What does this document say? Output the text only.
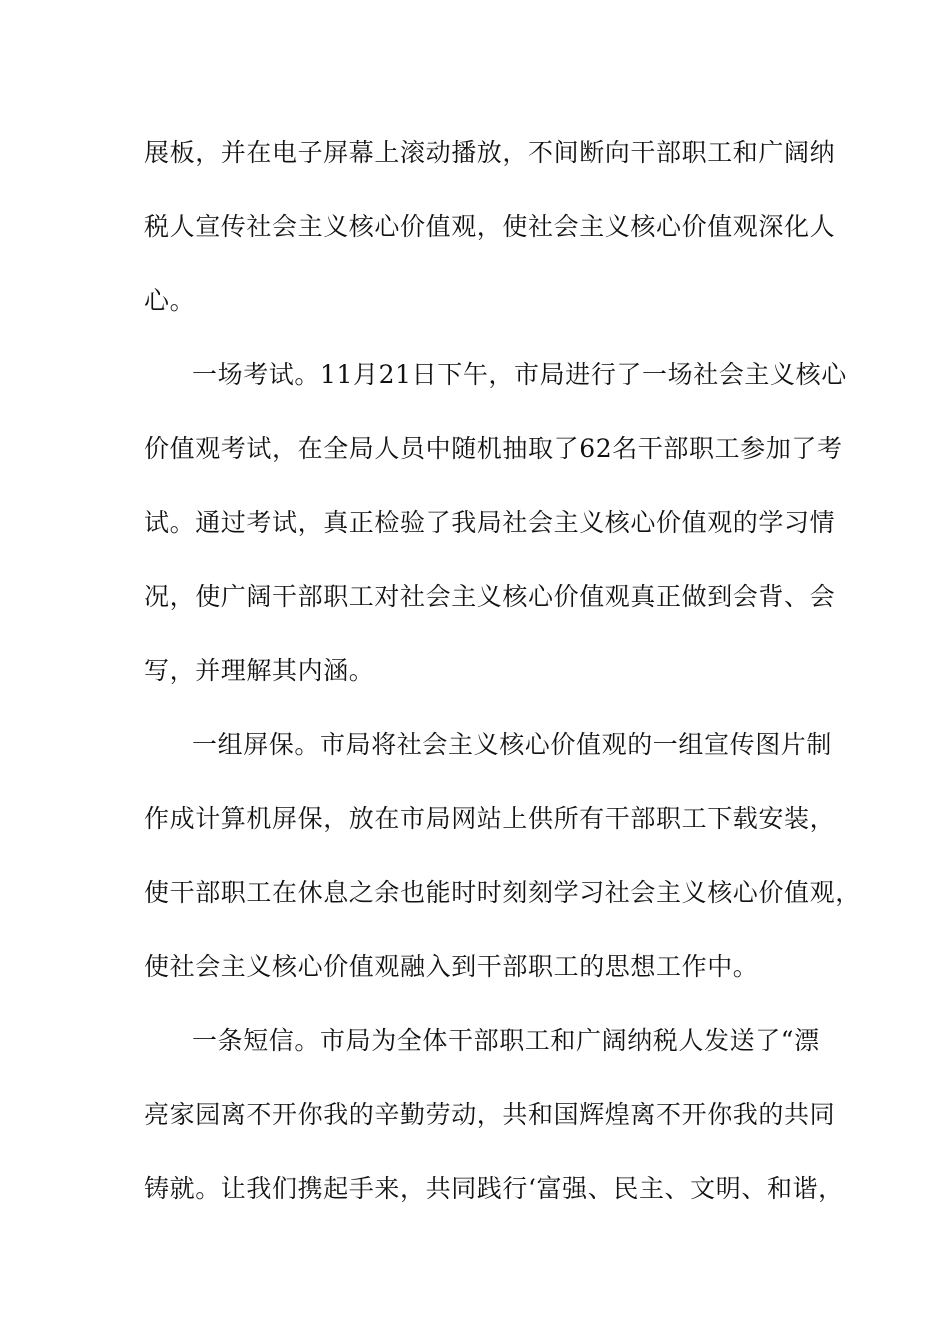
展板，并在电子屏幕上滚动播放，不间断向干部职工和广阔纳
税人宣传社会主义核心价值观，使社会主义核心价值观深化人
心。
一场考试。11月21日下午，市局进行了一场社会主义核心
价值观考试，在全局人员中随机抽取了62名干部职工参加了考
试。通过考试，真正检验了我局社会主义核心价值观的学习情
况，使广阔干部职工对社会主义核心价值观真正做到会背、会
写，并理解其内涵。
一组屏保。市局将社会主义核心价值观的一组宣传图片制
作成计算机屏保，放在市局网站上供所有干部职工下载安装，
使干部职工在休息之余也能时时刻刻学习社会主义核心价值观，
使社会主义核心价值观融入到干部职工的思想工作中。
一条短信。市局为全体干部职工和广阔纳税人发送了“漂
亮家园离不开你我的辛勤劳动，共和国辉煌离不开你我的共同
铸就。让我们携起手来，共同践行‘富强、民主、文明、和谐，
